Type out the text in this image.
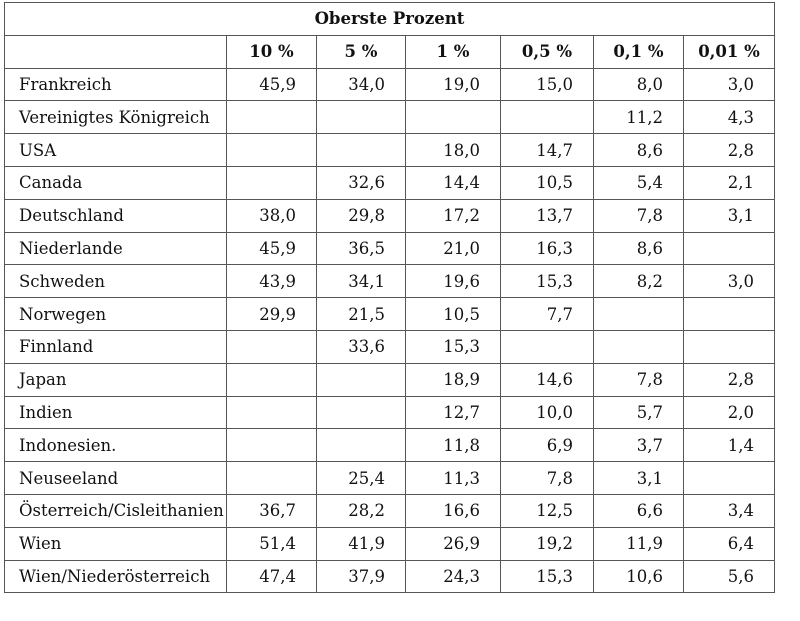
Oberste Prozent						
	10 %	5 %	1 %	0,5 %	0,1 %	0,01 %
Frankreich	45,9	34,0	19,0	15,0	8,0	3,0
Vereinigtes Königreich					11,2	4,3
USA			18,0	14,7	8,6	2,8
Canada		32,6	14,4	10,5	5,4	2,1
Deutschland	38,0	29,8	17,2	13,7	7,8	3,1
Niederlande	45,9	36,5	21,0	16,3	8,6	
Schweden	43,9	34,1	19,6	15,3	8,2	3,0
Norwegen	29,9	21,5	10,5	7,7		
Finnland		33,6	15,3			
Japan			18,9	14,6	7,8	2,8
Indien			12,7	10,0	5,7	2,0
Indonesien.			11,8	6,9	3,7	1,4
Neuseeland		25,4	11,3	7,8	3,1	
Österreich/Cisleithanien	36,7	28,2	16,6	12,5	6,6	3,4
Wien	51,4	41,9	26,9	19,2	11,9	6,4
Wien/Niederösterreich	47,4	37,9	24,3	15,3	10,6	5,6
